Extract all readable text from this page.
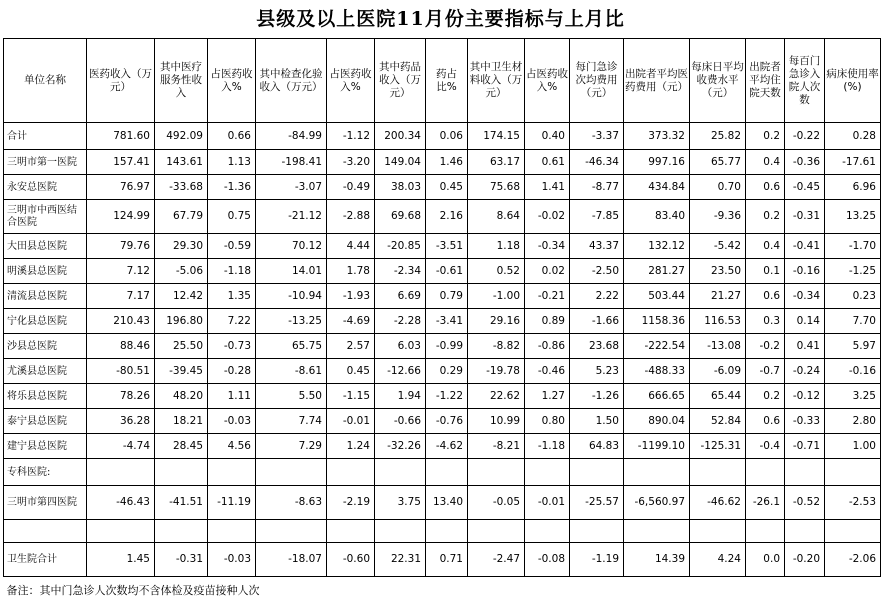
县级及以上医院11月份主要指标与上月比
单位名称	医药收入（万元）	其中医疗服务性收入	占医药收入%	其中检查化验收入（万元）	占医药收入%	其中药品收入（万元）	药占比%	其中卫生材料收入（万元）	占医药收入%	每门急诊次均费用（元）	出院者平均医药费用（元）	每床日平均收费水平（元）	出院者平均住院天数	每百门急诊入院人次数	病床使用率(%)
合计	781.60	492.09	0.66	-84.99	-1.12	200.34	0.06	174.15	0.40	-3.37	373.32	25.82	0.2	-0.22	0.28
三明市第一医院	157.41	143.61	1.13	-198.41	-3.20	149.04	1.46	63.17	0.61	-46.34	997.16	65.77	0.4	-0.36	-17.61
永安总医院	76.97	-33.68	-1.36	-3.07	-0.49	38.03	0.45	75.68	1.41	-8.77	434.84	0.70	0.6	-0.45	6.96
三明市中西医结合医院	124.99	67.79	0.75	-21.12	-2.88	69.68	2.16	8.64	-0.02	-7.85	83.40	-9.36	0.2	-0.31	13.25
大田县总医院	79.76	29.30	-0.59	70.12	4.44	-20.85	-3.51	1.18	-0.34	43.37	132.12	-5.42	0.4	-0.41	-1.70
明溪县总医院	7.12	-5.06	-1.18	14.01	1.78	-2.34	-0.61	0.52	0.02	-2.50	281.27	23.50	0.1	-0.16	-1.25
清流县总医院	7.17	12.42	1.35	-10.94	-1.93	6.69	0.79	-1.00	-0.21	2.22	503.44	21.27	0.6	-0.34	0.23
宁化县总医院	210.43	196.80	7.22	-13.25	-4.69	-2.28	-3.41	29.16	0.89	-1.66	1158.36	116.53	0.3	0.14	7.70
沙县总医院	88.46	25.50	-0.73	65.75	2.57	6.03	-0.99	-8.82	-0.86	23.68	-222.54	-13.08	-0.2	0.41	5.97
尤溪县总医院	-80.51	-39.45	-0.28	-8.61	0.45	-12.66	0.29	-19.78	-0.46	5.23	-488.33	-6.09	-0.7	-0.24	-0.16
将乐县总医院	78.26	48.20	1.11	5.50	-1.15	1.94	-1.22	22.62	1.27	-1.26	666.65	65.44	0.2	-0.12	3.25
泰宁县总医院	36.28	18.21	-0.03	7.74	-0.01	-0.66	-0.76	10.99	0.80	1.50	890.04	52.84	0.6	-0.33	2.80
建宁县总医院	-4.74	28.45	4.56	7.29	1.24	-32.26	-4.62	-8.21	-1.18	64.83	-1199.10	-125.31	-0.4	-0.71	1.00
专科医院:															
三明市第四医院	-46.43	-41.51	-11.19	-8.63	-2.19	3.75	13.40	-0.05	-0.01	-25.57	-6,560.97	-46.62	-26.1	-0.52	-2.53

卫生院合计	1.45	-0.31	-0.03	-18.07	-0.60	22.31	0.71	-2.47	-0.08	-1.19	14.39	4.24	0.0	-0.20	-2.06
备注：其中门急诊人次数均不含体检及疫苗接种人次															
